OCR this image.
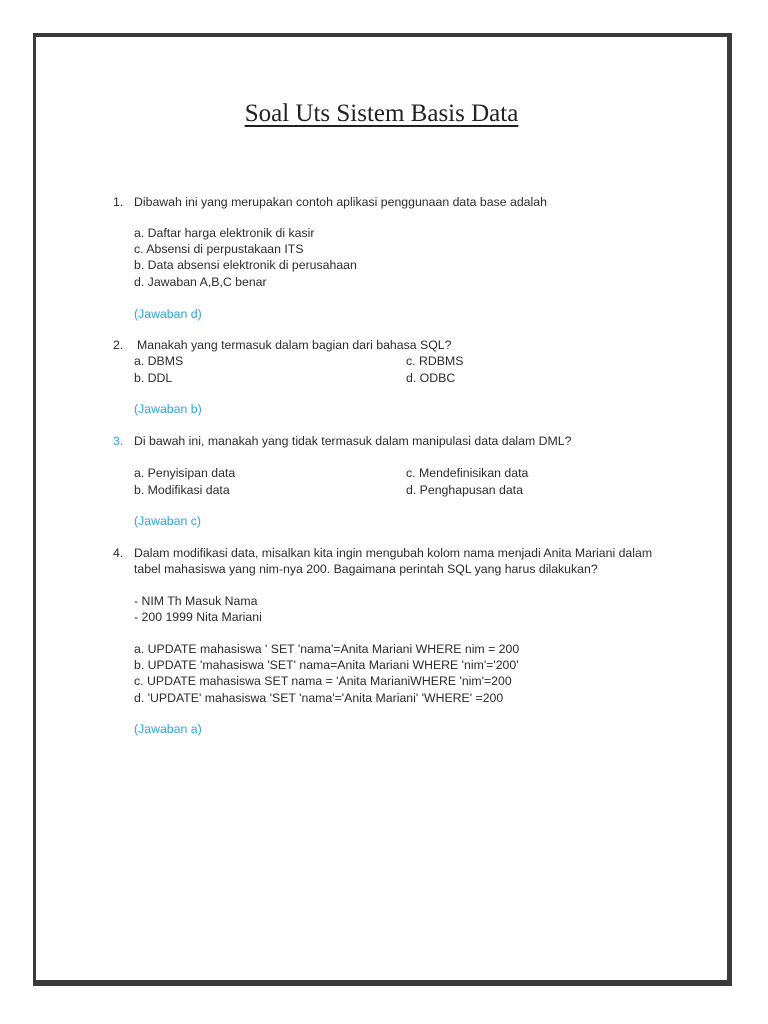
Soal Uts Sistem Basis Data
1. Dibawah ini yang merupakan contoh aplikasi penggunaan data base adalah
a. Daftar harga elektronik di kasir
c. Absensi di perpustakaan ITS
b. Data absensi elektronik di perusahaan
d. Jawaban A,B,C benar
(Jawaban d)
2. Manakah yang termasuk dalam bagian dari bahasa SQL?
a. DBMS	c. RDBMS
b. DDL	d. ODBC
(Jawaban b)
3. Di bawah ini, manakah yang tidak termasuk dalam manipulasi data dalam DML?
a. Penyisipan data	c. Mendefinisikan data
b. Modifikasi data	d. Penghapusan data
(Jawaban c)
4. Dalam modifikasi data, misalkan kita ingin mengubah kolom nama menjadi Anita Mariani dalam
tabel mahasiswa yang nim-nya 200. Bagaimana perintah SQL yang harus dilakukan?
- NIM Th Masuk Nama
- 200 1999 Nita Mariani
a. UPDATE mahasiswa ' SET 'nama'=Anita Mariani WHERE nim = 200
b. UPDATE 'mahasiswa 'SET' nama=Anita Mariani WHERE 'nim'='200'
c. UPDATE mahasiswa SET nama = 'Anita MarianiWHERE 'nim'=200
d. 'UPDATE' mahasiswa 'SET 'nama'='Anita Mariani' 'WHERE' =200
(Jawaban a)
